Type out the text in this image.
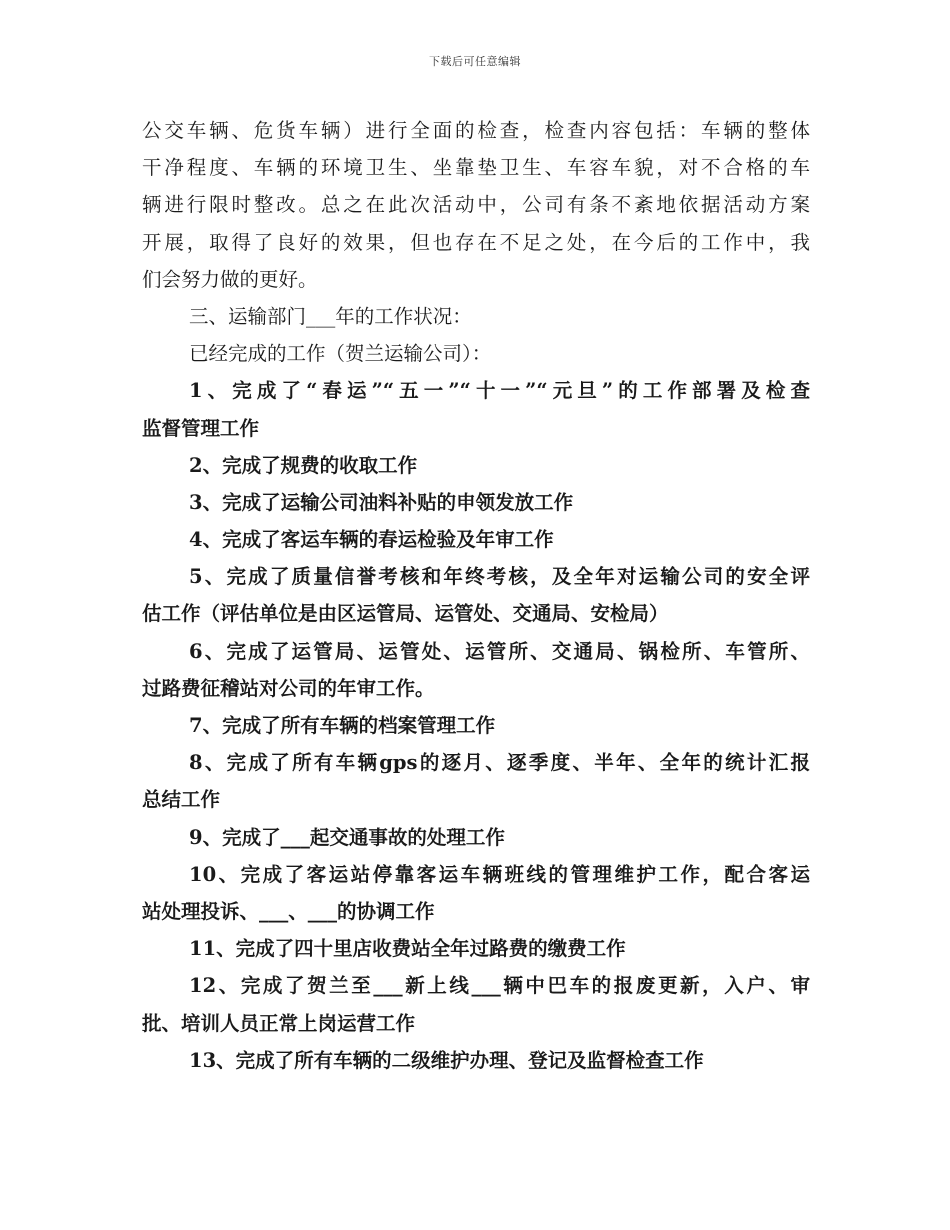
下载后可任意编辑
公交车辆、危货车辆）进行全面的检查，检查内容包括：车辆的整体
干净程度、车辆的环境卫生、坐靠垫卫生、车容车貌，对不合格的车
辆进行限时整改。总之在此次活动中，公司有条不紊地依据活动方案
开展，取得了良好的效果，但也存在不足之处，在今后的工作中，我
们会努力做的更好。
三、运输部门___年的工作状况：
已经完成的工作（贺兰运输公司）：
1、完成了“春运”“五一”“十一”“元旦”的工作部署及检查
监督管理工作
2、完成了规费的收取工作
3、完成了运输公司油料补贴的申领发放工作
4、完成了客运车辆的春运检验及年审工作
5、完成了质量信誉考核和年终考核，及全年对运输公司的安全评
估工作（评估单位是由区运管局、运管处、交通局、安检局）
6、完成了运管局、运管处、运管所、交通局、锅检所、车管所、
过路费征稽站对公司的年审工作。
7、完成了所有车辆的档案管理工作
8、完成了所有车辆gps的逐月、逐季度、半年、全年的统计汇报
总结工作
9、完成了___起交通事故的处理工作
10、完成了客运站停靠客运车辆班线的管理维护工作，配合客运
站处理投诉、___、___的协调工作
11、完成了四十里店收费站全年过路费的缴费工作
12、完成了贺兰至___新上线___辆中巴车的报废更新，入户、审
批、培训人员正常上岗运营工作
13、完成了所有车辆的二级维护办理、登记及监督检查工作
